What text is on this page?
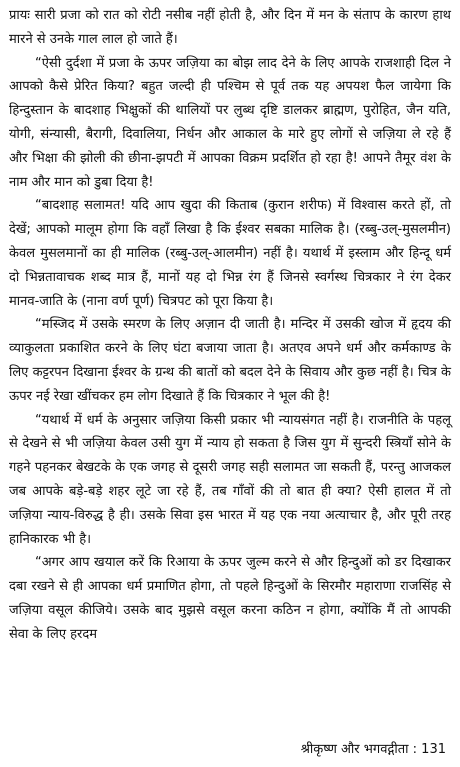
प्रायः सारी प्रजा को रात को रोटी नसीब नहीं होती है, और दिन में मन के संताप के कारण हाथ मारने से उनके गाल लाल हो जाते हैं।

“ऐसी दुर्दशा में प्रजा के ऊपर जज़िया का बोझ लाद देने के लिए आपके राजशाही दिल ने आपको कैसे प्रेरित किया? बहुत जल्दी ही पश्चिम से पूर्व तक यह अपयश फैल जायेगा कि हिन्दुस्तान के बादशाह भिक्षुकों की थालियों पर लुब्ध दृष्टि डालकर ब्राह्मण, पुरोहित, जैन यति, योगी, संन्यासी, बैरागी, दिवालिया, निर्धन और आकाल के मारे हुए लोगों से जज़िया ले रहे हैं और भिक्षा की झोली की छीना-झपटी में आपका विक्रम प्रदर्शित हो रहा है! आपने तैमूर वंश के नाम और मान को डुबा दिया है!

“बादशाह सलामत! यदि आप खुदा की किताब (कुरान शरीफ) में विश्वास करते हों, तो देखें; आपको मालूम होगा कि वहाँ लिखा है कि ईश्वर सबका मालिक है। (रब्बु-उल्-मुसलमीन) केवल मुसलमानों का ही मालिक (रब्बु-उल्-आलमीन) नहीं है। यथार्थ में इस्लाम और हिन्दू धर्म दो भिन्नतावाचक शब्द मात्र हैं, मानों यह दो भिन्न रंग हैं जिनसे स्वर्गस्थ चित्रकार ने रंग देकर मानव-जाति के (नाना वर्ण पूर्ण) चित्रपट को पूरा किया है।

“मस्जिद में उसके स्मरण के लिए अज़ान दी जाती है। मन्दिर में उसकी खोज में हृदय की व्याकुलता प्रकाशित करने के लिए घंटा बजाया जाता है। अतएव अपने धर्म और कर्मकाण्ड के लिए कट्टरपन दिखाना ईश्वर के ग्रन्थ की बातों को बदल देने के सिवाय और कुछ नहीं है। चित्र के ऊपर नई रेखा खींचकर हम लोग दिखाते हैं कि चित्रकार ने भूल की है!

“यथार्थ में धर्म के अनुसार जज़िया किसी प्रकार भी न्यायसंगत नहीं है। राजनीति के पहलू से देखने से भी जज़िया केवल उसी युग में न्याय हो सकता है जिस युग में सुन्दरी स्त्रियाँ सोने के गहने पहनकर बेखटके के एक जगह से दूसरी जगह सही सलामत जा सकती हैं, परन्तु आजकल जब आपके बड़े-बड़े शहर लूटे जा रहे हैं, तब गाँवों की तो बात ही क्या? ऐसी हालत में तो जज़िया न्याय-विरुद्ध है ही। उसके सिवा इस भारत में यह एक नया अत्याचार है, और पूरी तरह हानिकारक भी है।

“अगर आप खयाल करें कि रिआया के ऊपर जुल्म करने से और हिन्दुओं को डर दिखाकर दबा रखने से ही आपका धर्म प्रमाणित होगा, तो पहले हिन्दुओं के सिरमौर महाराणा राजसिंह से जज़िया वसूल कीजिये। उसके बाद मुझसे वसूल करना कठिन न होगा, क्योंकि मैं तो आपकी सेवा के लिए हरदम

श्रीकृष्ण और भगवद्गीता : 131
